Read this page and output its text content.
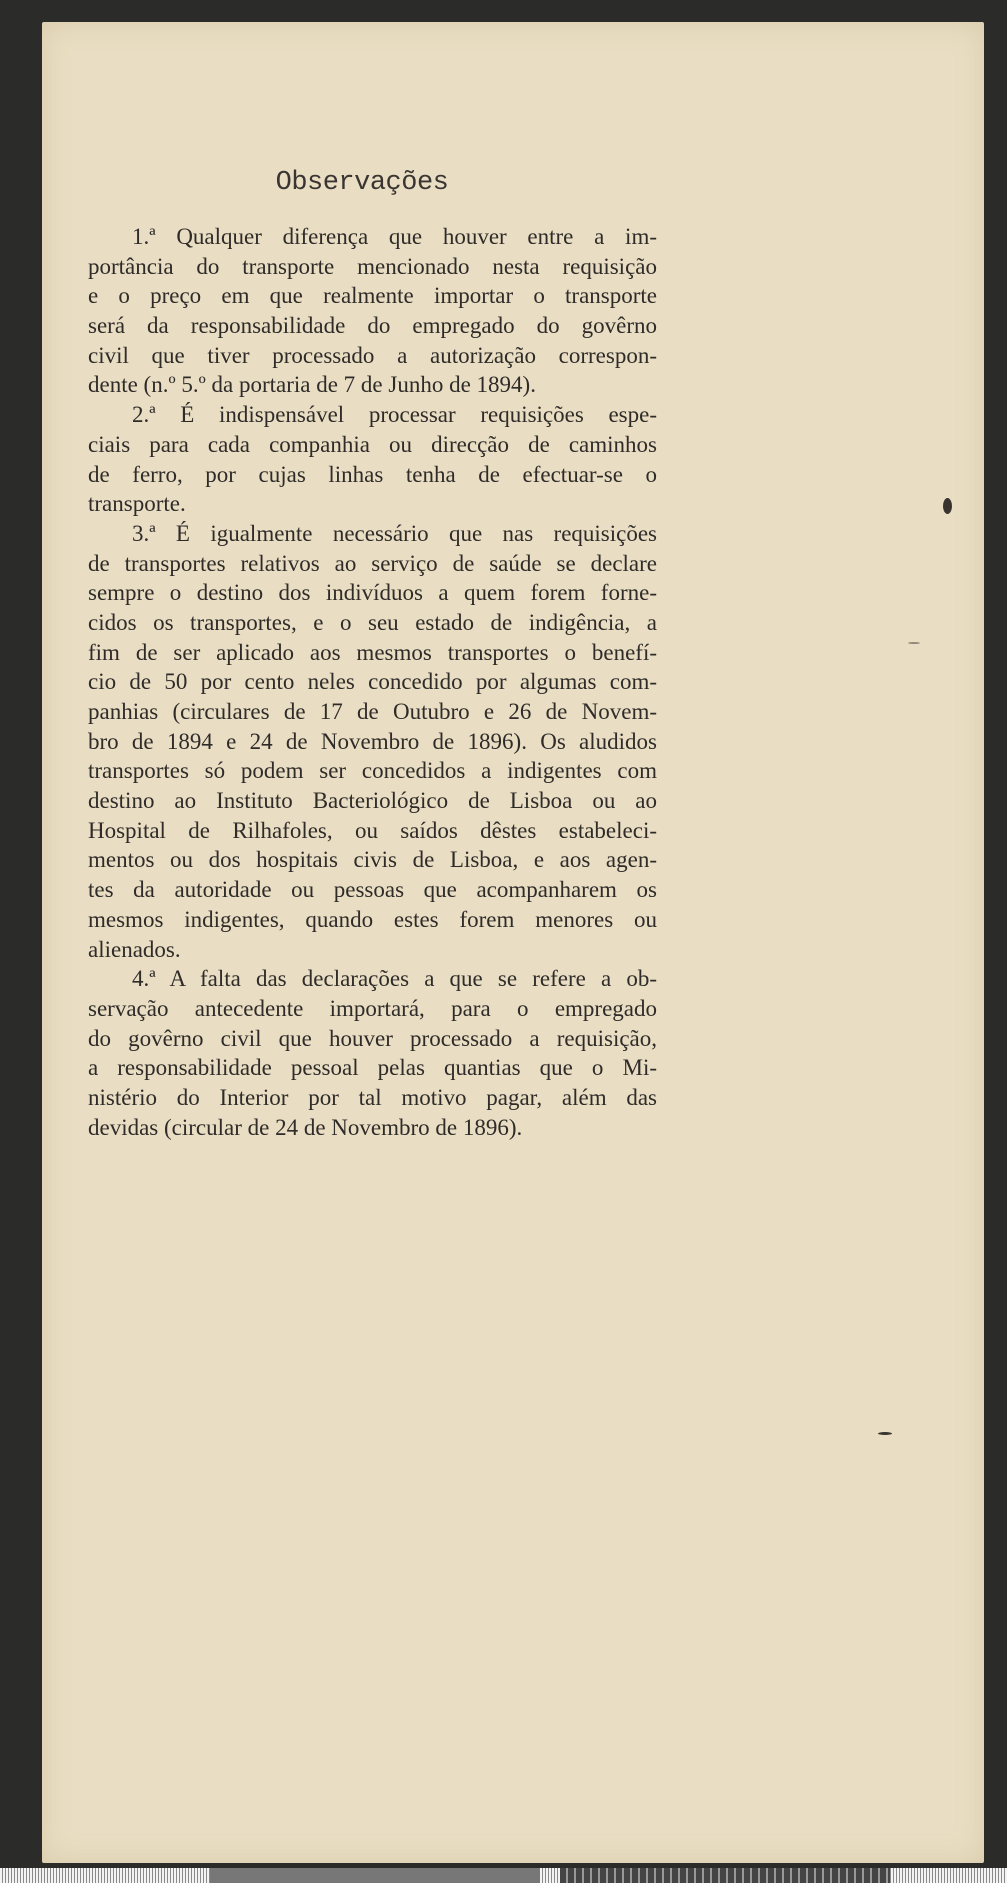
Observações
1.ª Qualquer diferença que houver entre a im-
portância do transporte mencionado nesta requisição
e o preço em que realmente importar o transporte
será da responsabilidade do empregado do govêrno
civil que tiver processado a autorização correspon-
dente (n.º 5.º da portaria de 7 de Junho de 1894).
2.ª É indispensável processar requisições espe-
ciais para cada companhia ou direcção de caminhos
de ferro, por cujas linhas tenha de efectuar-se o
transporte.
3.ª É igualmente necessário que nas requisições
de transportes relativos ao serviço de saúde se declare
sempre o destino dos indivíduos a quem forem forne-
cidos os transportes, e o seu estado de indigência, a
fim de ser aplicado aos mesmos transportes o benefí-
cio de 50 por cento neles concedido por algumas com-
panhias (circulares de 17 de Outubro e 26 de Novem-
bro de 1894 e 24 de Novembro de 1896). Os aludidos
transportes só podem ser concedidos a indigentes com
destino ao Instituto Bacteriológico de Lisboa ou ao
Hospital de Rilhafoles, ou saídos dêstes estabeleci-
mentos ou dos hospitais civis de Lisboa, e aos agen-
tes da autoridade ou pessoas que acompanharem os
mesmos indigentes, quando estes forem menores ou
alienados.
4.ª A falta das declarações a que se refere a ob-
servação antecedente importará, para o empregado
do govêrno civil que houver processado a requisição,
a responsabilidade pessoal pelas quantias que o Mi-
nistério do Interior por tal motivo pagar, além das
devidas (circular de 24 de Novembro de 1896).
